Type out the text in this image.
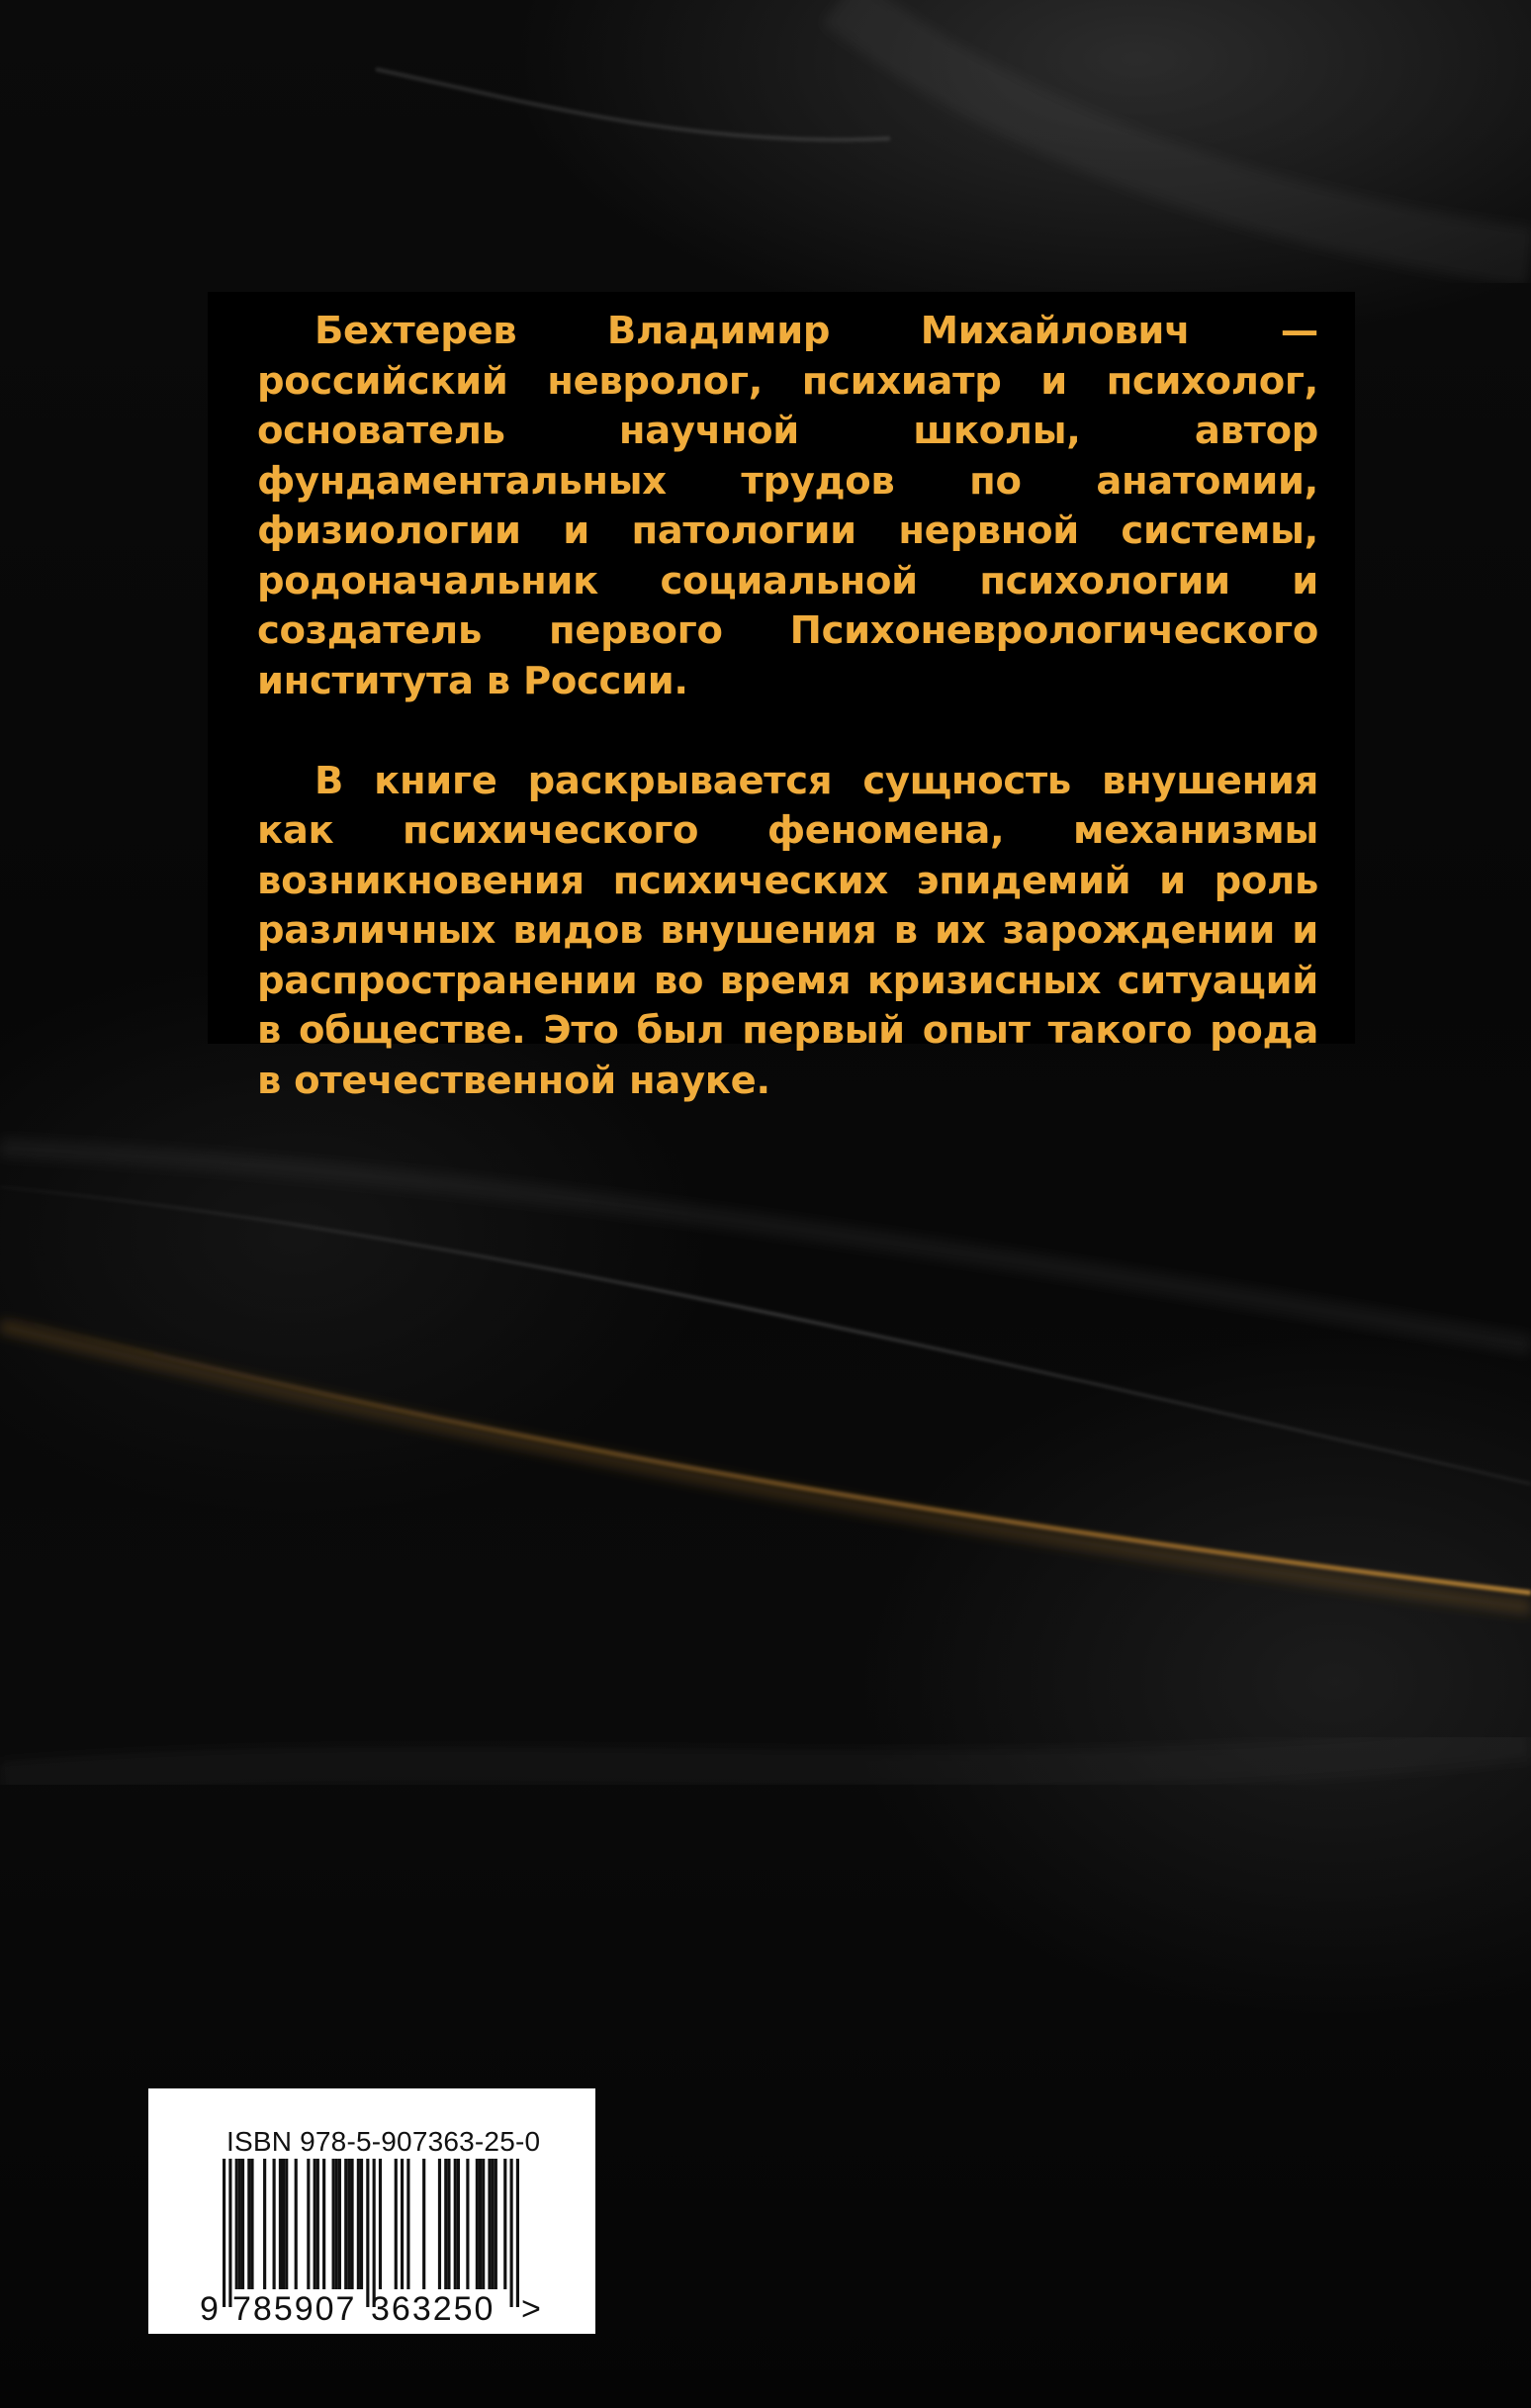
Бехтерев Владимир Михайлович — российский невролог, психиатр и психолог, основатель научной школы, автор фундаментальных трудов по анатомии, физиологии и патологии нервной системы, родоначальник социальной психологии и создатель первого Психоневрологического института в России.

В книге раскрывается сущность внушения как психического феномена, механизмы возникновения психических эпидемий и роль различных видов внушения в их зарождении и распространении во время кризисных ситуаций в обществе. Это был первый опыт такого рода в отечественной науке.

ISBN 978-5-907363-25-0
9 785907 363250 >
